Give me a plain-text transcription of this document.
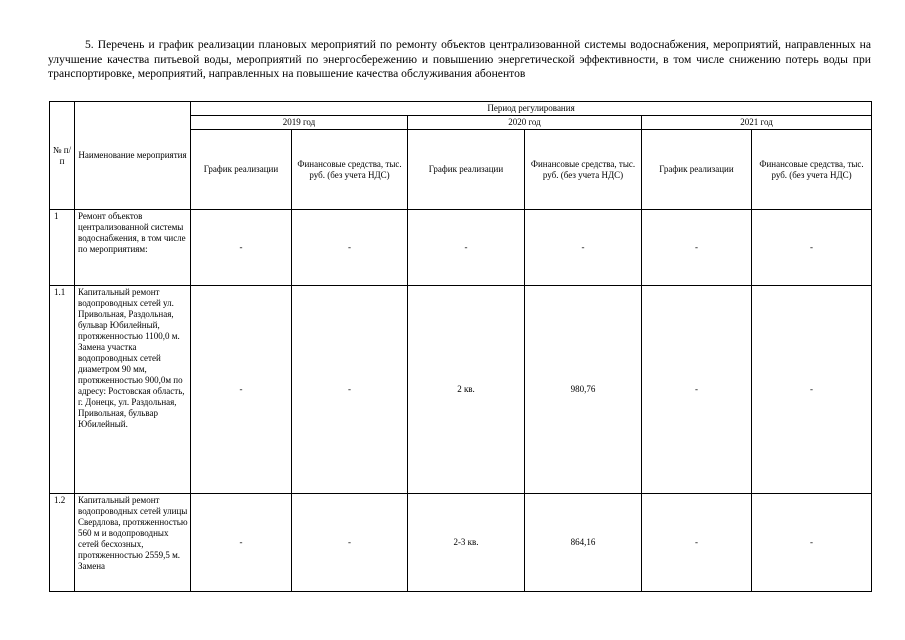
5. Перечень и график реализации плановых мероприятий по ремонту объектов централизованной системы водоснабжения, мероприятий, направленных на улучшение качества питьевой воды, мероприятий по энергосбережению и повышению энергетической эффективности, в том числе снижению потерь воды при транспортировке, мероприятий, направленных на повышение качества обслуживания абонентов

№ п/п	Наименование мероприятия	Период регулирования					
		2019 год		2020 год		2021 год	
		График реализации	Финансовые средства, тыс. руб. (без учета НДС)	График реализации	Финансовые средства, тыс. руб. (без учета НДС)	График реализации	Финансовые средства, тыс. руб. (без учета НДС)
1	Ремонт объектов централизованной системы водоснабжения, в том числе по мероприятиям:	-	-	-	-	-	-
1.1	Капитальный ремонт водопроводных сетей ул. Привольная, Раздольная, бульвар Юбилейный, протяженностью 1100,0 м. Замена участка водопроводных сетей диаметром 90 мм, протяженностью 900,0м по адресу: Ростовская область, г. Донецк, ул. Раздольная, Привольная, бульвар Юбилейный.	-	-	2 кв.	980,76	-	-
1.2	Капитальный ремонт водопроводных сетей улицы Свердлова, протяженностью 560 м и водопроводных сетей бесхозных, протяженностью 2559,5 м. Замена	-	-	2-3 кв.	864,16	-	-
